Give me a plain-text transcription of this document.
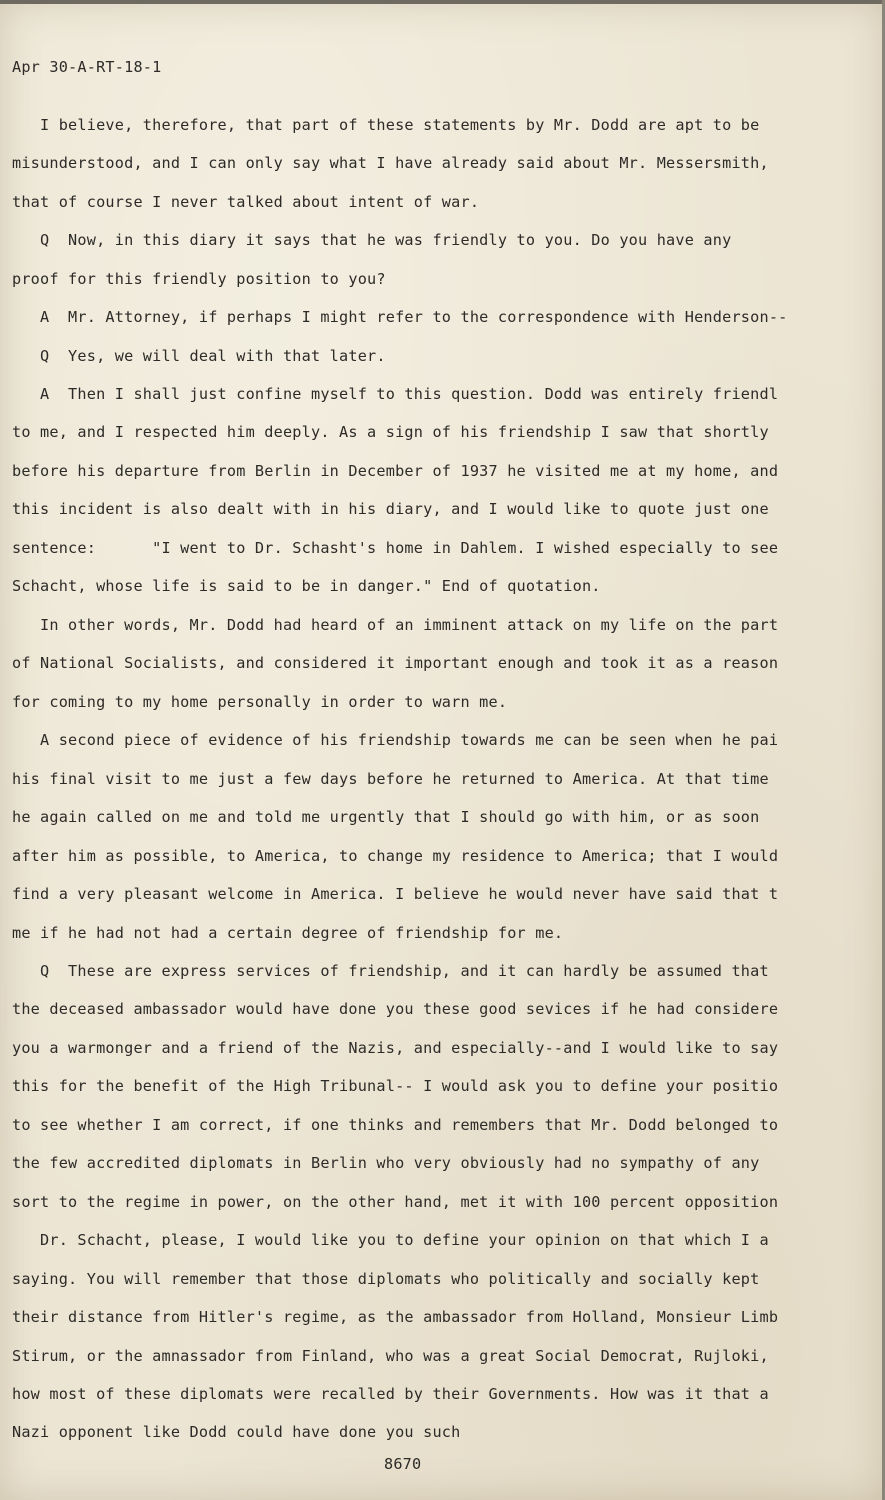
Apr 30-A-RT-18-1
I believe, therefore, that part of these statements by Mr. Dodd are apt to be
misunderstood, and I can only say what I have already said about Mr. Messersmith,
that of course I never talked about intent of war.
Q  Now, in this diary it says that he was friendly to you. Do you have any
proof for this friendly position to you?
A  Mr. Attorney, if perhaps I might refer to the correspondence with Henderson--
Q  Yes, we will deal with that later.
A  Then I shall just confine myself to this question. Dodd was entirely friendl
to me, and I respected him deeply. As a sign of his friendship I saw that shortly
before his departure from Berlin in December of 1937 he visited me at my home, and
this incident is also dealt with in his diary, and I would like to quote just one
sentence:      "I went to Dr. Schasht's home in Dahlem. I wished especially to see
Schacht, whose life is said to be in danger." End of quotation.
In other words, Mr. Dodd had heard of an imminent attack on my life on the part
of National Socialists, and considered it important enough and took it as a reason
for coming to my home personally in order to warn me.
A second piece of evidence of his friendship towards me can be seen when he pai
his final visit to me just a few days before he returned to America. At that time
he again called on me and told me urgently that I should go with him, or as soon
after him as possible, to America, to change my residence to America; that I would
find a very pleasant welcome in America. I believe he would never have said that t
me if he had not had a certain degree of friendship for me.
Q  These are express services of friendship, and it can hardly be assumed that
the deceased ambassador would have done you these good sevices if he had considere
you a warmonger and a friend of the Nazis, and especially--and I would like to say
this for the benefit of the High Tribunal-- I would ask you to define your positio
to see whether I am correct, if one thinks and remembers that Mr. Dodd belonged to
the few accredited diplomats in Berlin who very obviously had no sympathy of any
sort to the regime in power, on the other hand, met it with 100 percent opposition
Dr. Schacht, please, I would like you to define your opinion on that which I a
saying. You will remember that those diplomats who politically and socially kept
their distance from Hitler's regime, as the ambassador from Holland, Monsieur Limb
Stirum, or the amnassador from Finland, who was a great Social Democrat, Rujloki,
how most of these diplomats were recalled by their Governments. How was it that a
Nazi opponent like Dodd could have done you such
8670
